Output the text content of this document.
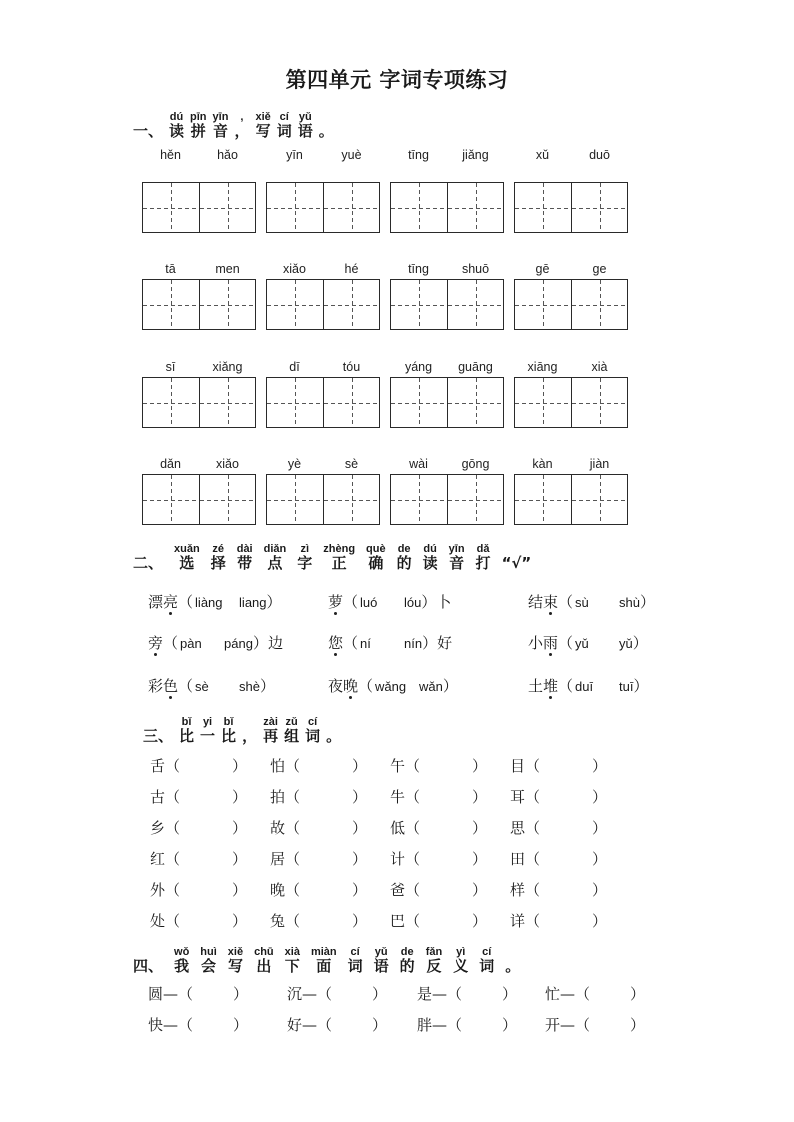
第四单元 字词专项练习
一、
dú
读
pīn
拼
yīn
音
,
，
xiě
写
cí
词
yǔ
语 。
hěn	hǎo	yīn	yuè	tīng	jiǎng	xǔ	duō
tā	men	xiǎo	hé	tīng	shuō	gē	ge
sī	xiǎng	dī	tóu	yáng	guāng	xiāng	xià
dǎn	xiǎo	yè	sè	wài	gōng	kàn	jiàn
二、
xuǎn
选
zé
择
dài
带
diǎn
点
zì
字
zhèng
正
què
确
de
的
dú
读
yīn
音
dǎ
打 “√”
漂 亮 （ liàng	liang ）	萝 （ luó	lóu ） 卜	结 束 （ sù	shù ）
旁 （ pàn	páng ） 边	您 （ ní	nín ） 好	小 雨 （ yǔ	yǔ ）
彩 色 （ sè	shè ）	夜 晚 （ wǎng wǎn ）	土 堆 （ duī	tuī ）
三、
bǐ
比
yi
一
bǐ
比 ，
zài
再
zǔ
组
cí
词 。
舌 （	） 怕 （	） 午 （	） 目 （	）
古 （	） 拍 （	） 牛 （	） 耳 （	）
乡 （	） 故 （	） 低 （	） 思 （	）
红 （	） 居 （	） 计 （	） 田 （	）
外 （	） 晚 （	） 爸 （	） 样 （	）
处 （	） 兔 （	） 巴 （	） 详 （	）
四、
wǒ
我
huì
会
xiě
写
chū
出
xià
下
miàn
面
cí
词
yǔ
语
de
的
fǎn
反
yì
义
cí
词 。
圆 — （	）	沉 — （	） 是 — （	） 忙 — （	）
快 — （	）	好 — （	） 胖 — （	） 开 — （	）
